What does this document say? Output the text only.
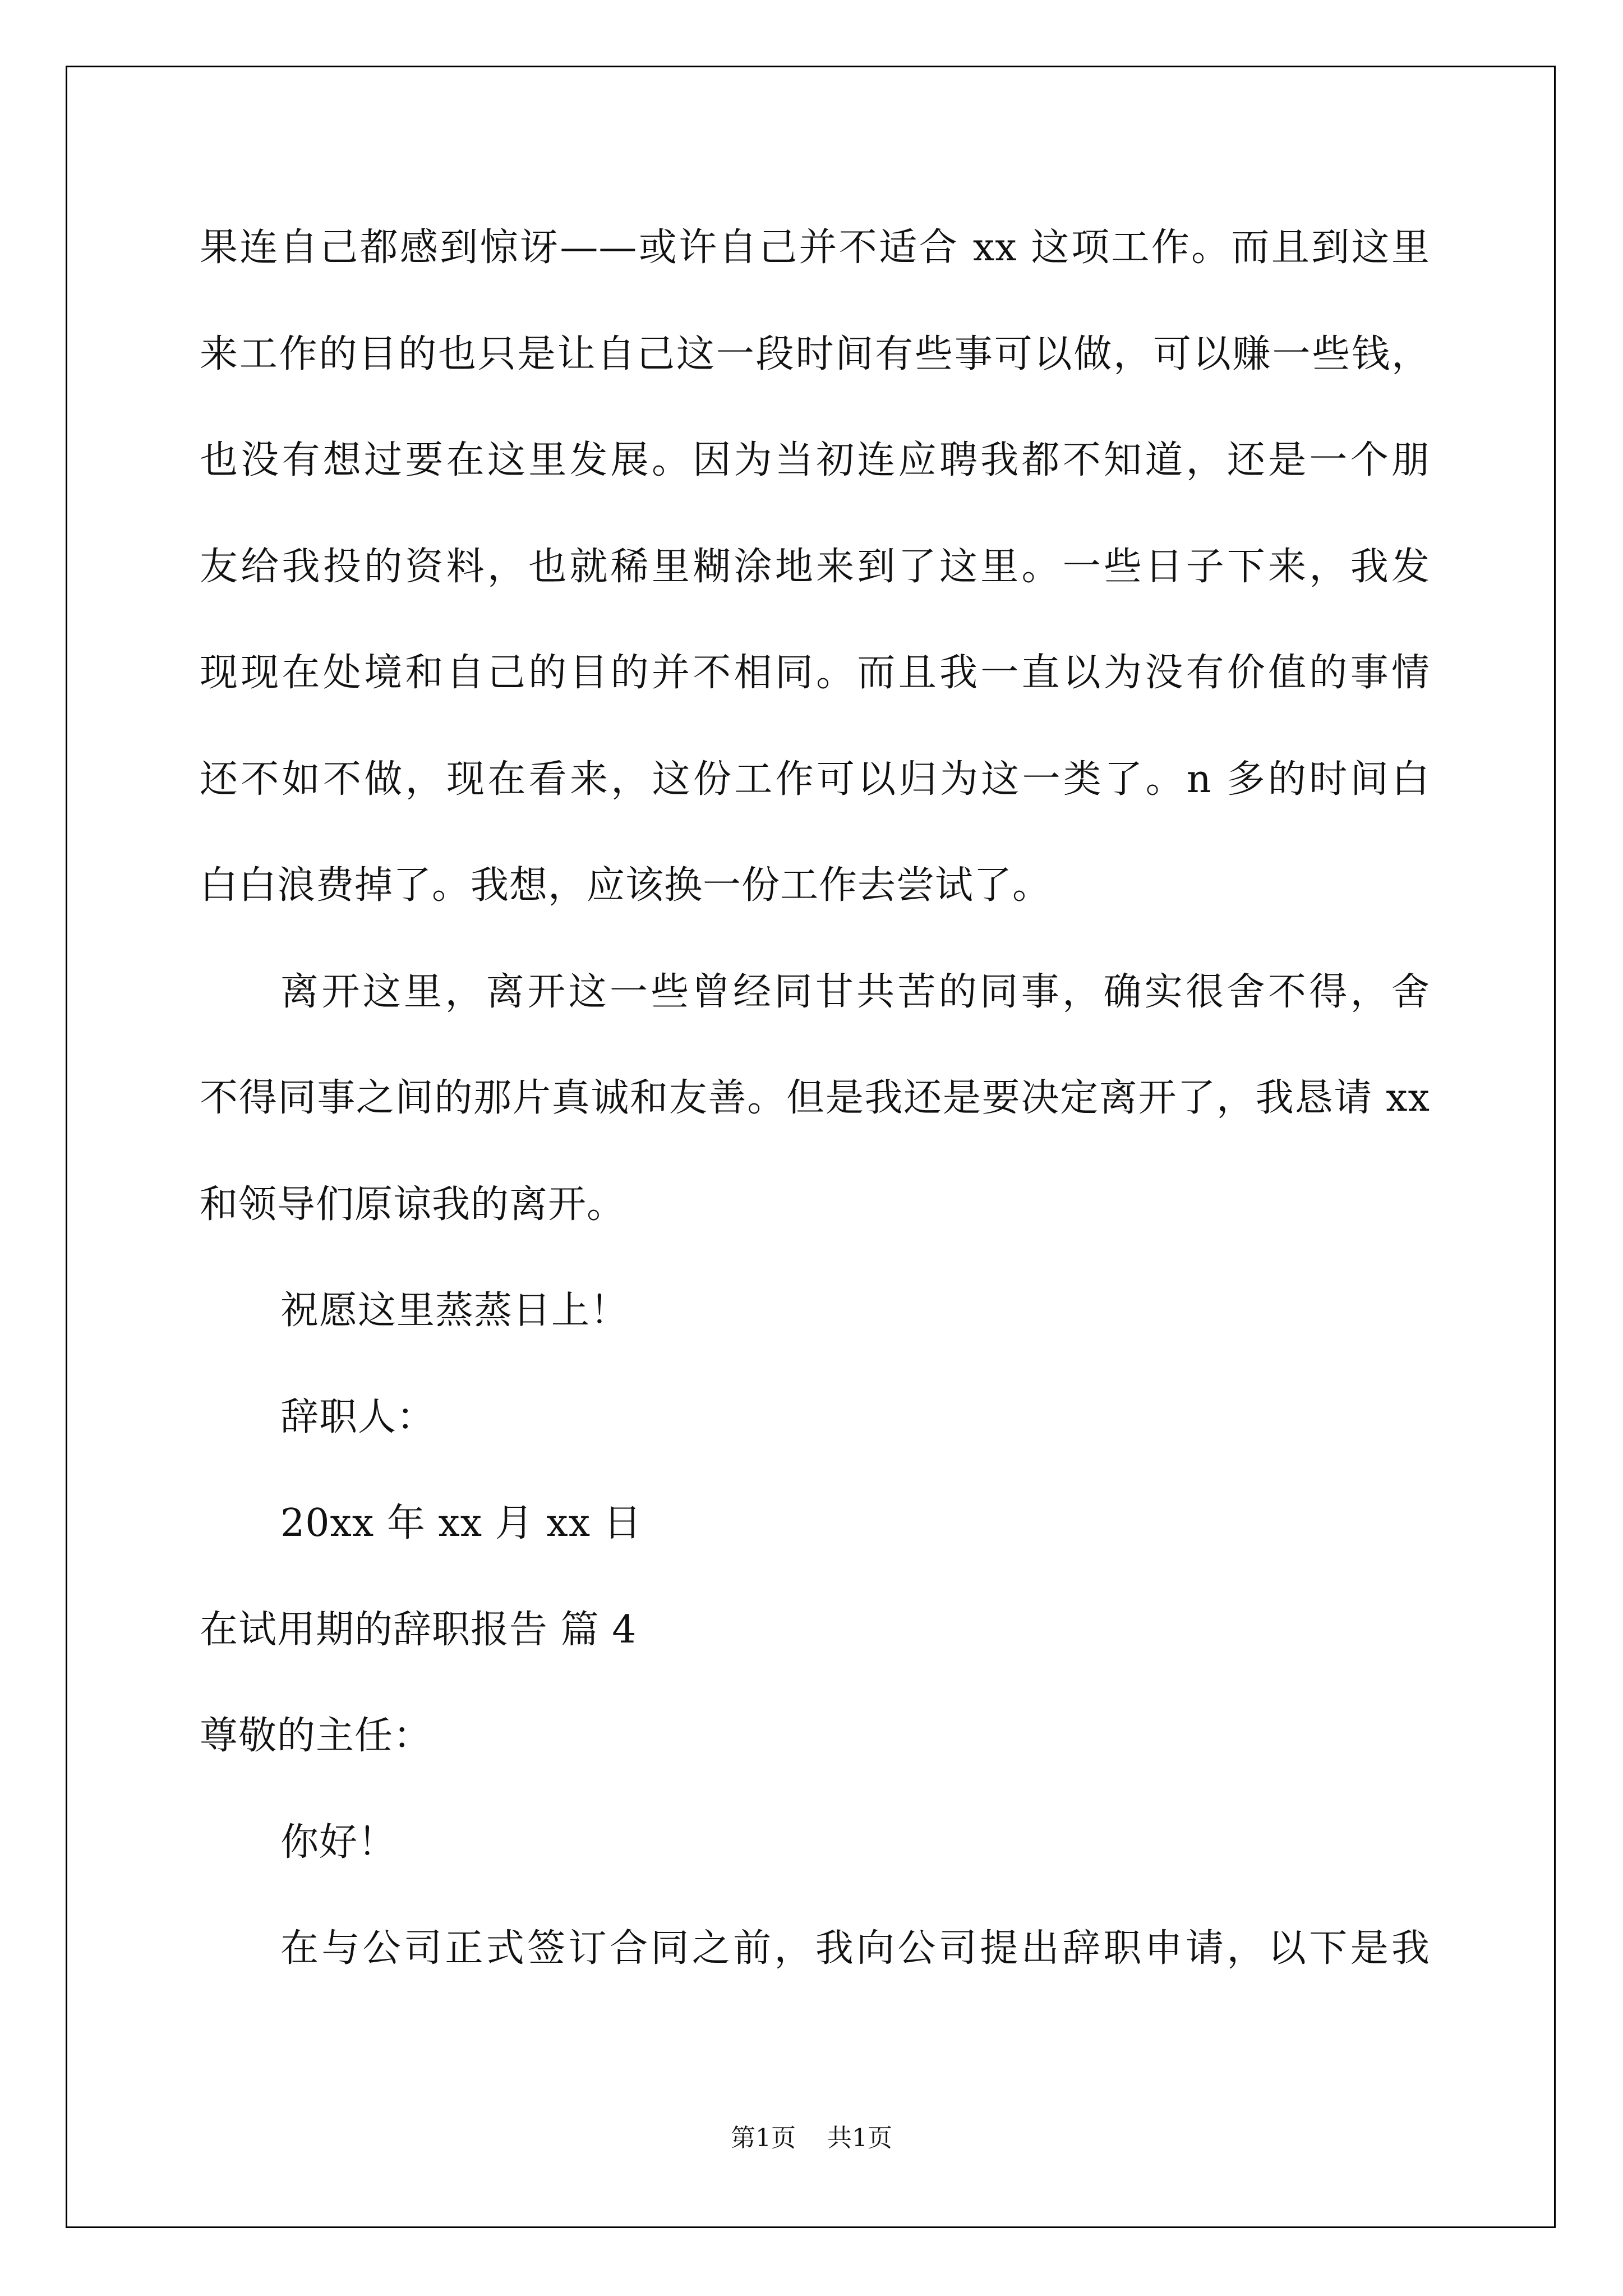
果连自己都感到惊讶——或许自己并不适合 xx 这项工作。而且到这里
来工作的目的也只是让自己这一段时间有些事可以做，可以赚一些钱，
也没有想过要在这里发展。因为当初连应聘我都不知道，还是一个朋
友给我投的资料，也就稀里糊涂地来到了这里。一些日子下来，我发
现现在处境和自己的目的并不相同。而且我一直以为没有价值的事情
还不如不做，现在看来，这份工作可以归为这一类了。n 多的时间白
白白浪费掉了。我想，应该换一份工作去尝试了。
离开这里，离开这一些曾经同甘共苦的同事，确实很舍不得，舍
不得同事之间的那片真诚和友善。但是我还是要决定离开了，我恳请 xx
和领导们原谅我的离开。
祝愿这里蒸蒸日上！
辞职人：
20xx 年 xx 月 xx 日
在试用期的辞职报告 篇 4
尊敬的主任：
你好！
在与公司正式签订合同之前，我向公司提出辞职申请，以下是我
第1页 共1页
